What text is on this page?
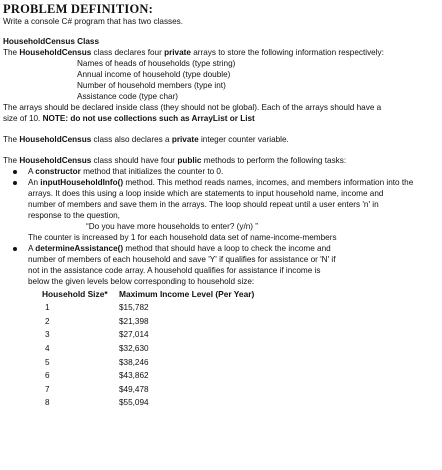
PROBLEM DEFINITION:

Write a console C# program that has two classes.

HouseholdCensus Class

The HouseholdCensus class declares four private arrays to store the following information respectively:

Names of heads of households (type string)

Annual income of household (type double)

Number of household members (type int)

Assistance code (type char)

The arrays should be declared inside class (they should not be global). Each of the arrays should have a

size of 10. NOTE: do not use collections such as ArrayList or List

The HouseholdCensus class also declares a private integer counter variable.

The HouseholdCensus class should have four public methods to perform the following tasks:

A constructor method that initializes the counter to 0.
An inputHouseholdInfo() method. This method reads names, incomes, and members information into the

arrays. It does this using a loop inside which are statements to input household name, income and

number of members and save them in the arrays. The loop should repeat until a user enters 'n' in

response to the question,

“Do you have more households to enter? (y/n) ”

The counter is increased by 1 for each household data set of name-income-members

A determineAssistance() method that should have a loop to check the income and

number of members of each household and save 'Y' if qualifies for assistance or 'N' if

not in the assistance code array. A household qualifies for assistance if income is

below the given levels below corresponding to household size:

Household Size*	Maximum Income Level (Per Year)
1	$15,782
2	$21,398
3	$27,014
4	$32,630
5	$38,246
6	$43,862
7	$49,478
8	$55,094
